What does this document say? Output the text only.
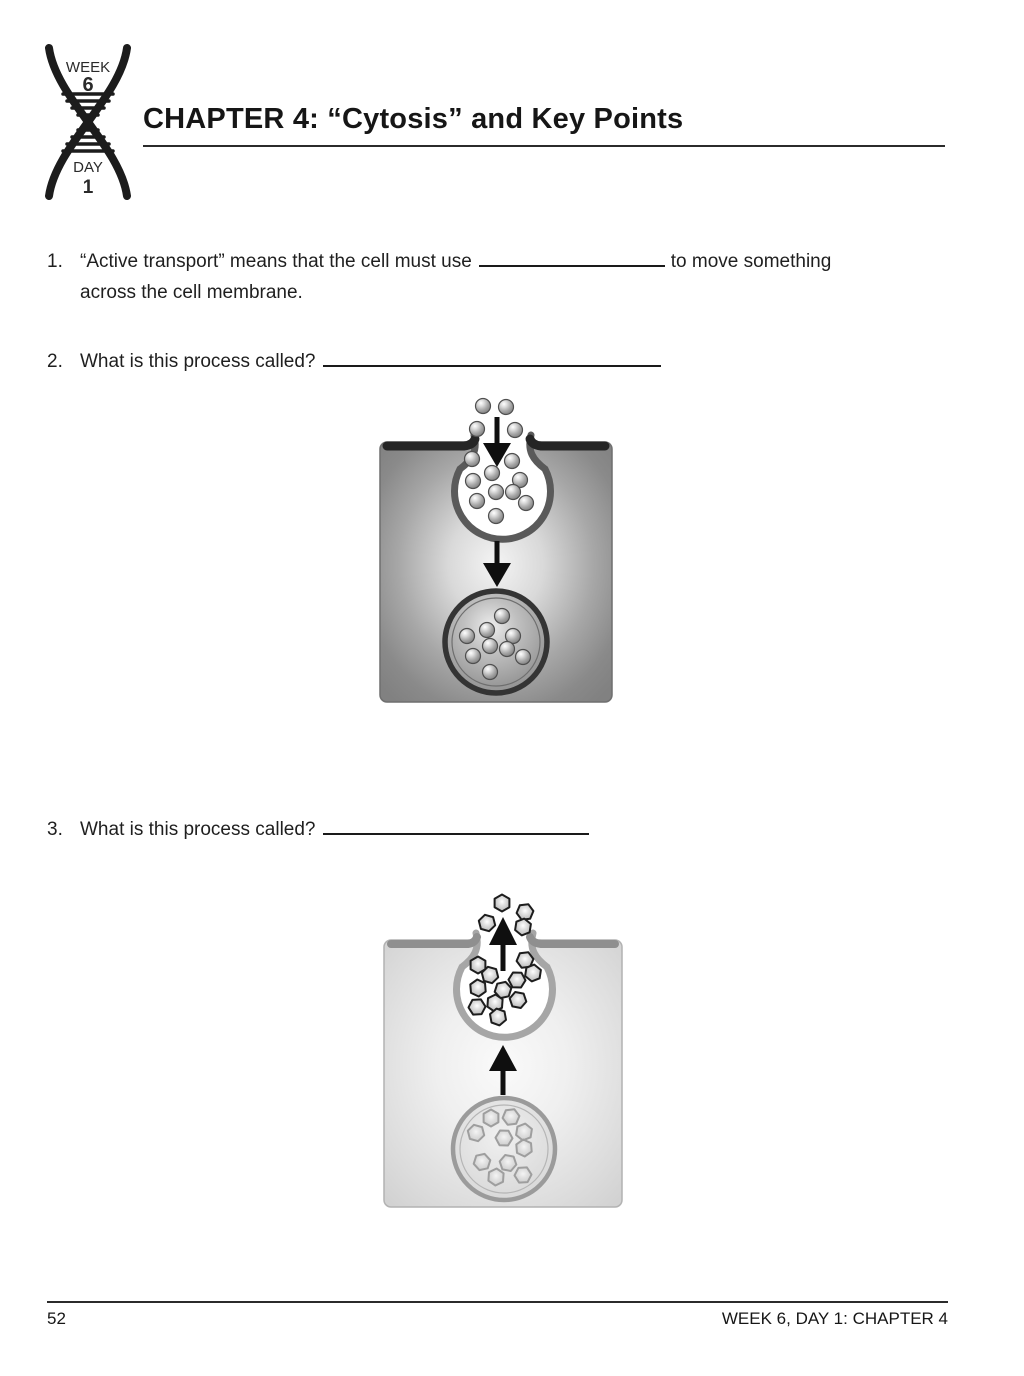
WEEK
6
DAY
1
CHAPTER 4: “Cytosis” and Key Points
1. “Active transport” means that the cell must use	to move something
across the cell membrane.
2. What is this process called?
3. What is this process called?
52	WEEK 6, DAY 1: CHAPTER 4
